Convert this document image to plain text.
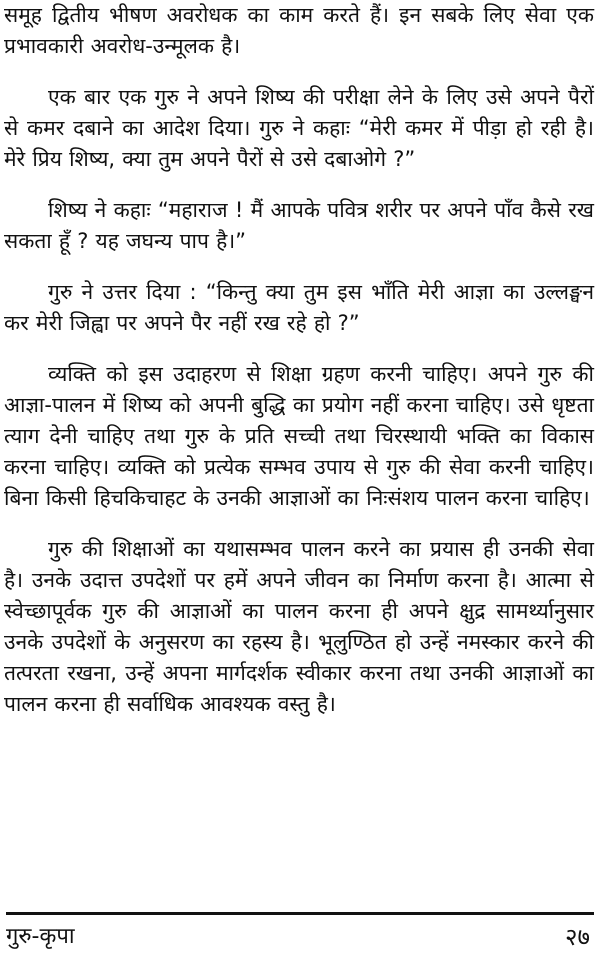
समूह द्वितीय भीषण अवरोधक का काम करते हैं। इन सबके लिए सेवा एक प्रभावकारी अवरोध-उन्मूलक है।

एक बार एक गुरु ने अपने शिष्य की परीक्षा लेने के लिए उसे अपने पैरों से कमर दबाने का आदेश दिया। गुरु ने कहाः “मेरी कमर में पीड़ा हो रही है। मेरे प्रिय शिष्य, क्या तुम अपने पैरों से उसे दबाओगे ?”

शिष्य ने कहाः “महाराज ! मैं आपके पवित्र शरीर पर अपने पाँव कैसे रख सकता हूँ ? यह जघन्य पाप है।”

गुरु ने उत्तर दिया : “किन्तु क्या तुम इस भाँति मेरी आज्ञा का उल्लङ्घन कर मेरी जिह्वा पर अपने पैर नहीं रख रहे हो ?”

व्यक्ति को इस उदाहरण से शिक्षा ग्रहण करनी चाहिए। अपने गुरु की आज्ञा-पालन में शिष्य को अपनी बुद्धि का प्रयोग नहीं करना चाहिए। उसे धृष्टता त्याग देनी चाहिए तथा गुरु के प्रति सच्ची तथा चिरस्थायी भक्ति का विकास करना चाहिए। व्यक्ति को प्रत्येक सम्भव उपाय से गुरु की सेवा करनी चाहिए। बिना किसी हिचकिचाहट के उनकी आज्ञाओं का निःसंशय पालन करना चाहिए।

गुरु की शिक्षाओं का यथासम्भव पालन करने का प्रयास ही उनकी सेवा है। उनके उदात्त उपदेशों पर हमें अपने जीवन का निर्माण करना है। आत्मा से स्वेच्छापूर्वक गुरु की आज्ञाओं का पालन करना ही अपने क्षुद्र सामर्थ्यानुसार उनके उपदेशों के अनुसरण का रहस्य है। भूलुण्ठित हो उन्हें नमस्कार करने की तत्परता रखना, उन्हें अपना मार्गदर्शक स्वीकार करना तथा उनकी आज्ञाओं का पालन करना ही सर्वाधिक आवश्यक वस्तु है।

गुरु-कृपा	२७
